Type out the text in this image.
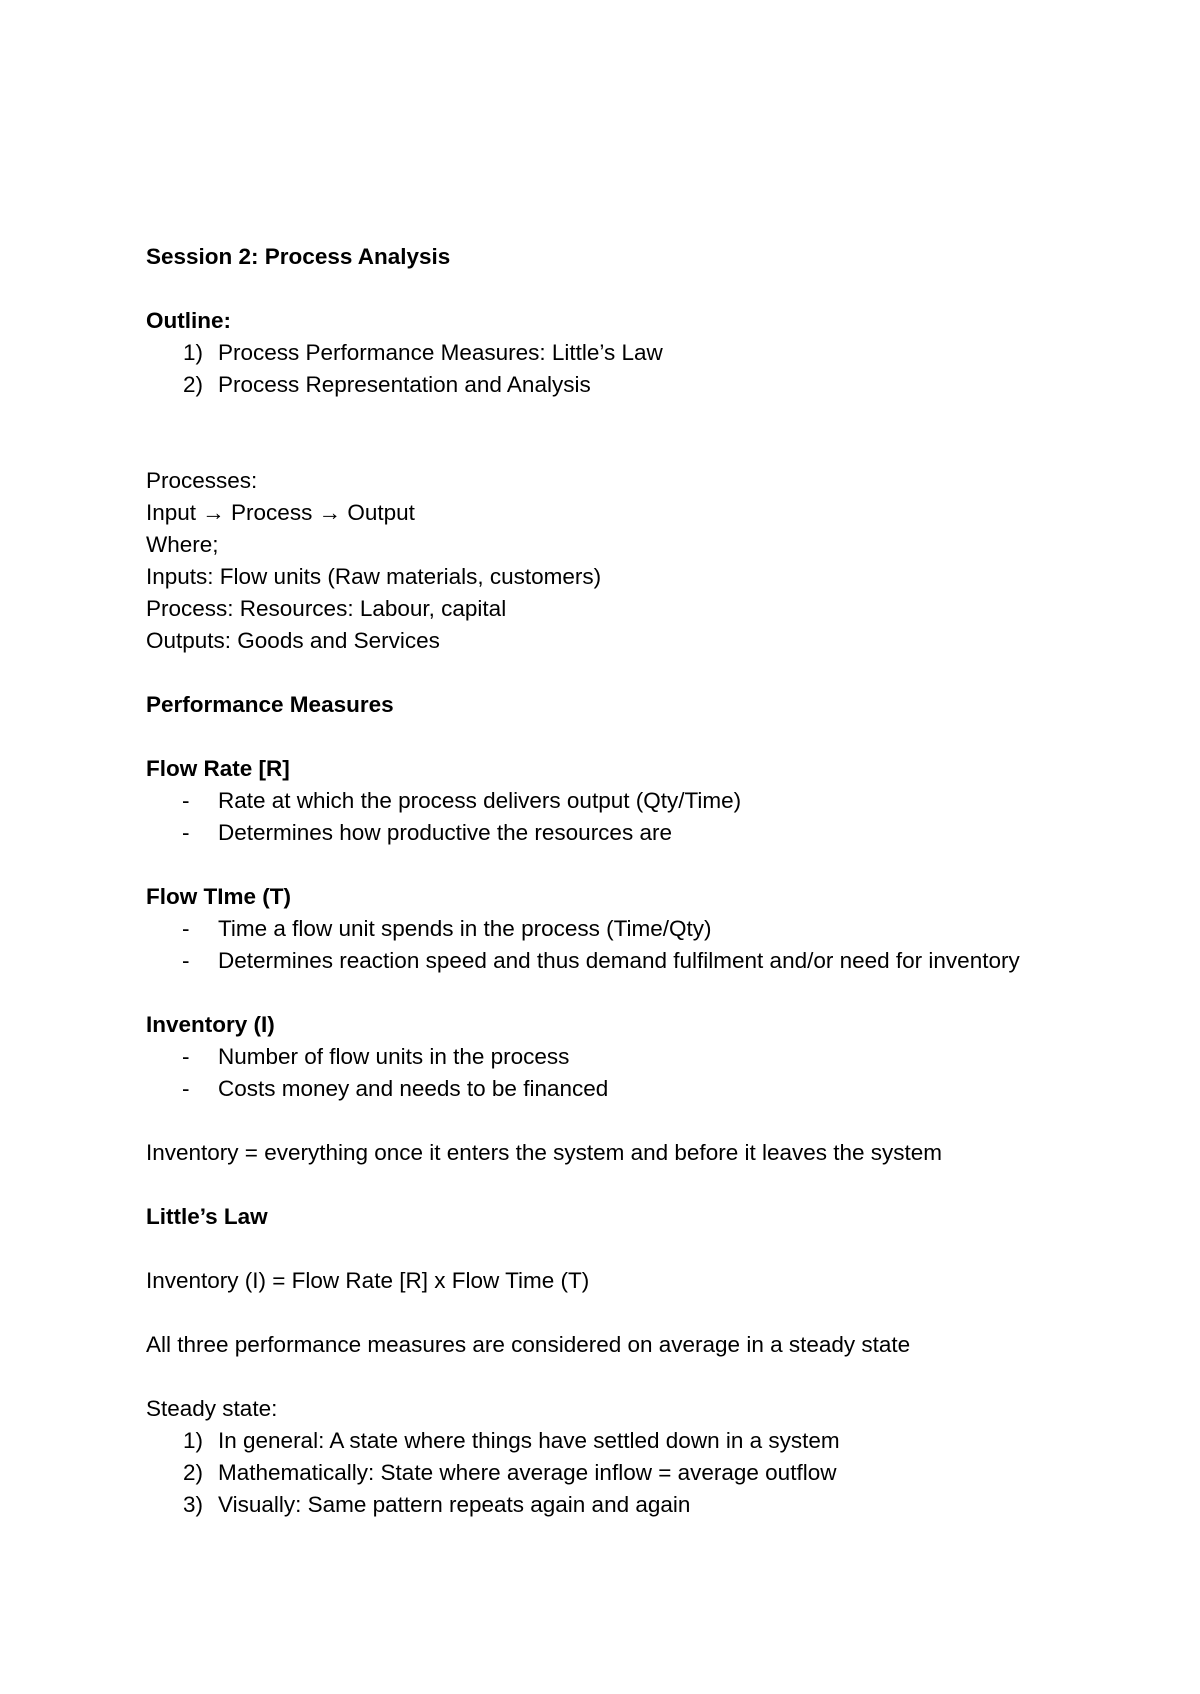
Session 2: Process Analysis
Outline:
1) Process Performance Measures: Little’s Law
2) Process Representation and Analysis
Processes:
Input → Process → Output
Where;
Inputs: Flow units (Raw materials, customers)
Process: Resources: Labour, capital
Outputs: Goods and Services
Performance Measures
Flow Rate [R]
- Rate at which the process delivers output (Qty/Time)
- Determines how productive the resources are
Flow TIme (T)
- Time a flow unit spends in the process (Time/Qty)
- Determines reaction speed and thus demand fulfilment and/or need for inventory
Inventory (I)
- Number of flow units in the process
- Costs money and needs to be financed
Inventory = everything once it enters the system and before it leaves the system
Little’s Law
Inventory (I) = Flow Rate [R] x Flow Time (T)
All three performance measures are considered on average in a steady state
Steady state:
1) In general: A state where things have settled down in a system
2) Mathematically: State where average inflow = average outflow
3) Visually: Same pattern repeats again and again
